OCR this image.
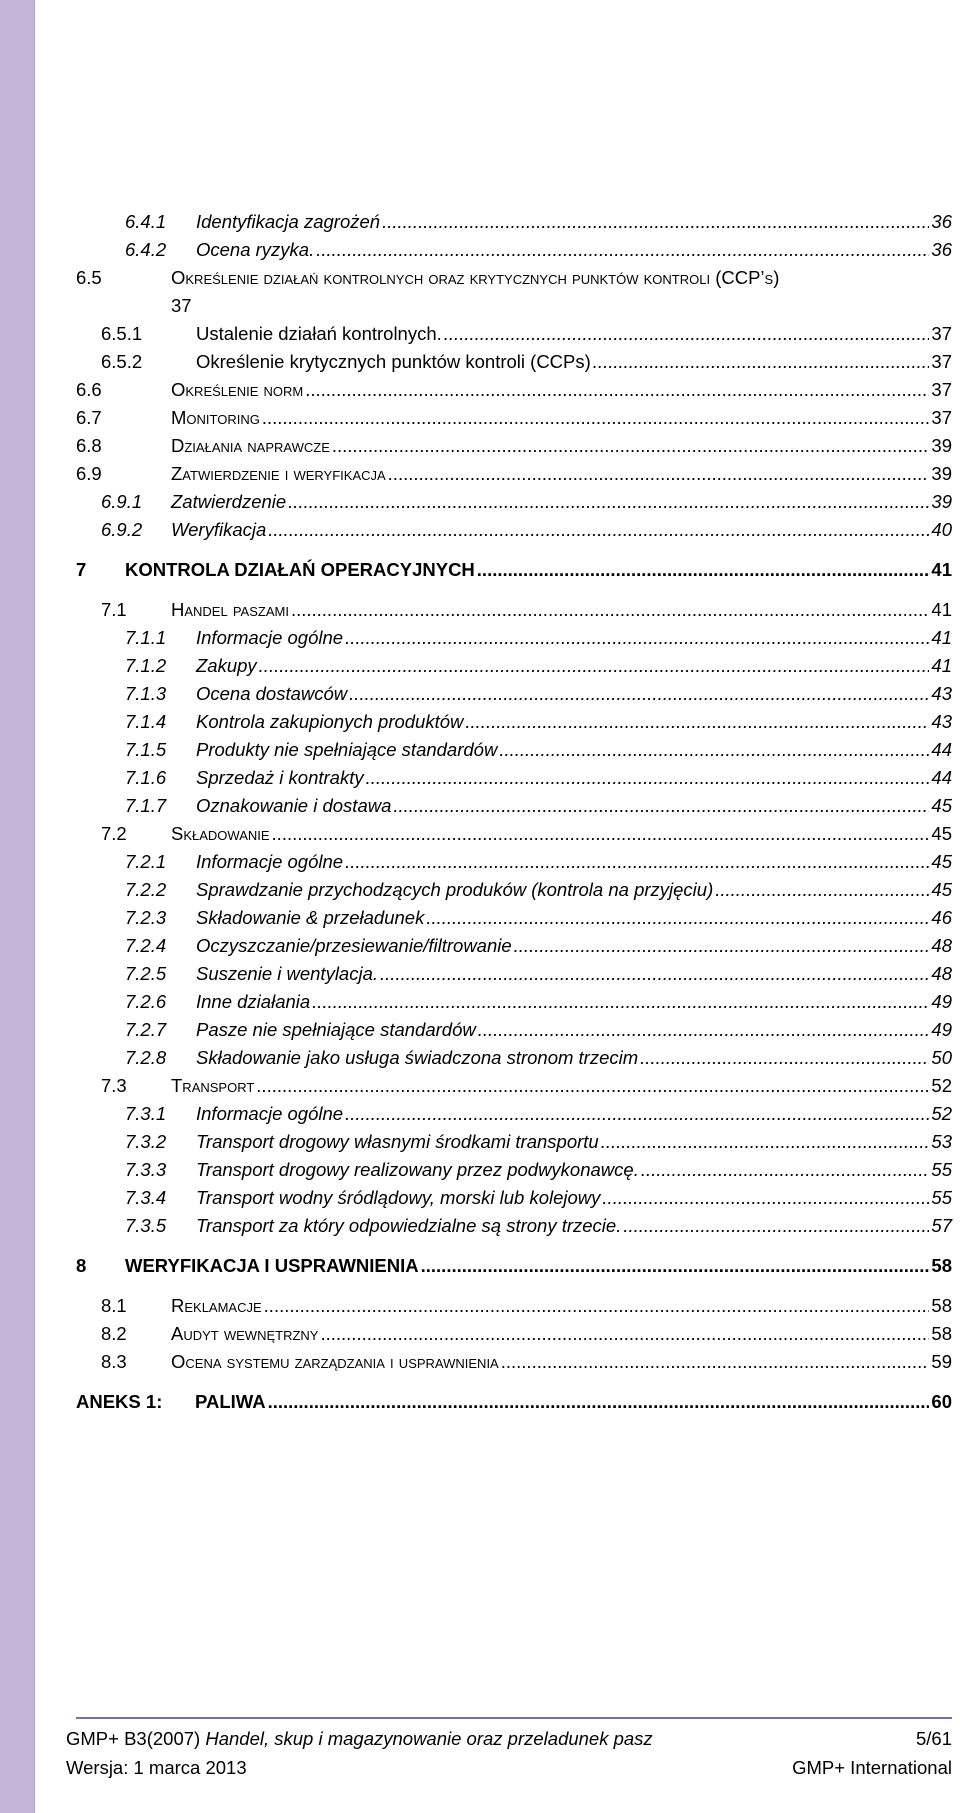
6.4.1	Identyfikacja zagrożeń .....	36
6.4.2	Ocena ryzyka. .....	36
6.5	Określenie działań kontrolnych oraz krytycznych punktów kontroli (CCP’s)
37
6.5.1	Ustalenie działań kontrolnych. .....	37
6.5.2	Określenie krytycznych punktów kontroli (CCPs) .....	37
6.6	Określenie norm .....	37
6.7	Monitoring .....	37
6.8	Działania naprawcze .....	39
6.9	Zatwierdzenie i weryfikacja .....	39
6.9.1	Zatwierdzenie .....	39
6.9.2	Weryfikacja .....	40
7	KONTROLA DZIAŁAŃ OPERACYJNYCH .....	41
7.1	Handel paszami .....	41
7.1.1	Informacje ogólne .....	41
7.1.2	Zakupy .....	41
7.1.3	Ocena dostawców .....	43
7.1.4	Kontrola zakupionych produktów .....	43
7.1.5	Produkty nie spełniające standardów .....	44
7.1.6	Sprzedaż i kontrakty .....	44
7.1.7	Oznakowanie i dostawa .....	45
7.2	Składowanie .....	45
7.2.1	Informacje ogólne .....	45
7.2.2	Sprawdzanie przychodzących produków (kontrola na przyjęciu) .....	45
7.2.3	Składowanie & przeładunek .....	46
7.2.4	Oczyszczanie/przesiewanie/filtrowanie .....	48
7.2.5	Suszenie i wentylacja. .....	48
7.2.6	Inne działania .....	49
7.2.7	Pasze nie spełniające standardów .....	49
7.2.8	Składowanie jako usługa świadczona stronom trzecim .....	50
7.3	Transport .....	52
7.3.1	Informacje ogólne .....	52
7.3.2	Transport drogowy własnymi środkami transportu .....	53
7.3.3	Transport drogowy realizowany przez podwykonawcę. .....	55
7.3.4	Transport wodny śródlądowy, morski lub kolejowy .....	55
7.3.5	Transport za który odpowiedzialne są strony trzecie. .....	57
8	WERYFIKACJA I USPRAWNIENIA .....	58
8.1	Reklamacje .....	58
8.2	Audyt wewnętrzny .....	58
8.3	Ocena systemu zarządzania i usprawnienia .....	59
ANEKS 1:	PALIWA .....	60
GMP+ B3(2007) Handel, skup i magazynowanie oraz przeladunek pasz	5/61
Wersja: 1 marca 2013	GMP+ International
